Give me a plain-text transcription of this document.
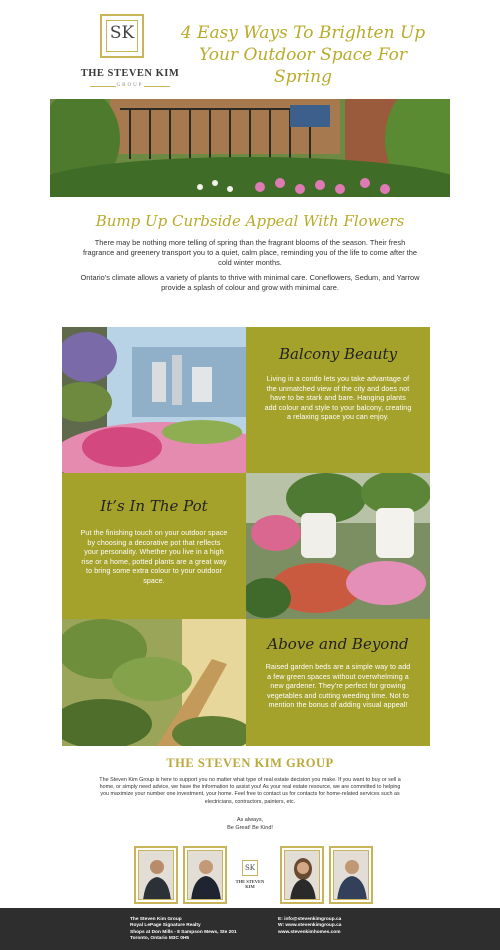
SK
THE STEVEN KIM
GROUP
4 Easy Ways To Brighten Up Your Outdoor Space For Spring
Bump Up Curbside Appeal With Flowers
There may be nothing more telling of spring than the fragrant blooms of the season. Their fresh fragrance and greenery transport you to a quiet, calm place, reminding you of the life to come after the cold winter months.
Ontario’s climate allows a variety of plants to thrive with minimal care. Coneflowers, Sedum, and Yarrow provide a splash of colour and grow with minimal care.
Balcony Beauty
Living in a condo lets you take advantage of the unmatched view of the city and does not have to be stark and bare. Hanging plants add colour and style to your balcony, creating a relaxing space you can enjoy.
It’s In The Pot
Put the finishing touch on your outdoor space by choosing a decorative pot that reflects your personality. Whether you live in a high rise or a home, potted plants are a great way to bring some extra colour to your outdoor space.
Above and Beyond
Raised garden beds are a simple way to add a few green spaces without overwhelming a new gardener. They’re perfect for growing vegetables and cutting weeding time. Not to mention the bonus of adding visual appeal!
THE STEVEN KIM GROUP
The Steven Kim Group is here to support you no matter what type of real estate decision you make. If you want to buy or sell a home, or simply need advice, we have the information to assist you! As your real estate resource, we are committed to helping you maximize your number one investment, your home. Feel free to contact us for contacts for home-related services such as electricians, contractors, painters, etc.
As always,
Be Great! Be Kind!
SK
THE STEVEN KIM
The Steven Kim Group
Royal LePage Signature Realty
Shops at Don Mills - 8 Sampson Mews, Ste 201
Toronto, Ontario M3C 0H5
E: info@stevenkimgroup.ca
W: www.stevenkimgroup.ca
www.stevenkimhomes.com
